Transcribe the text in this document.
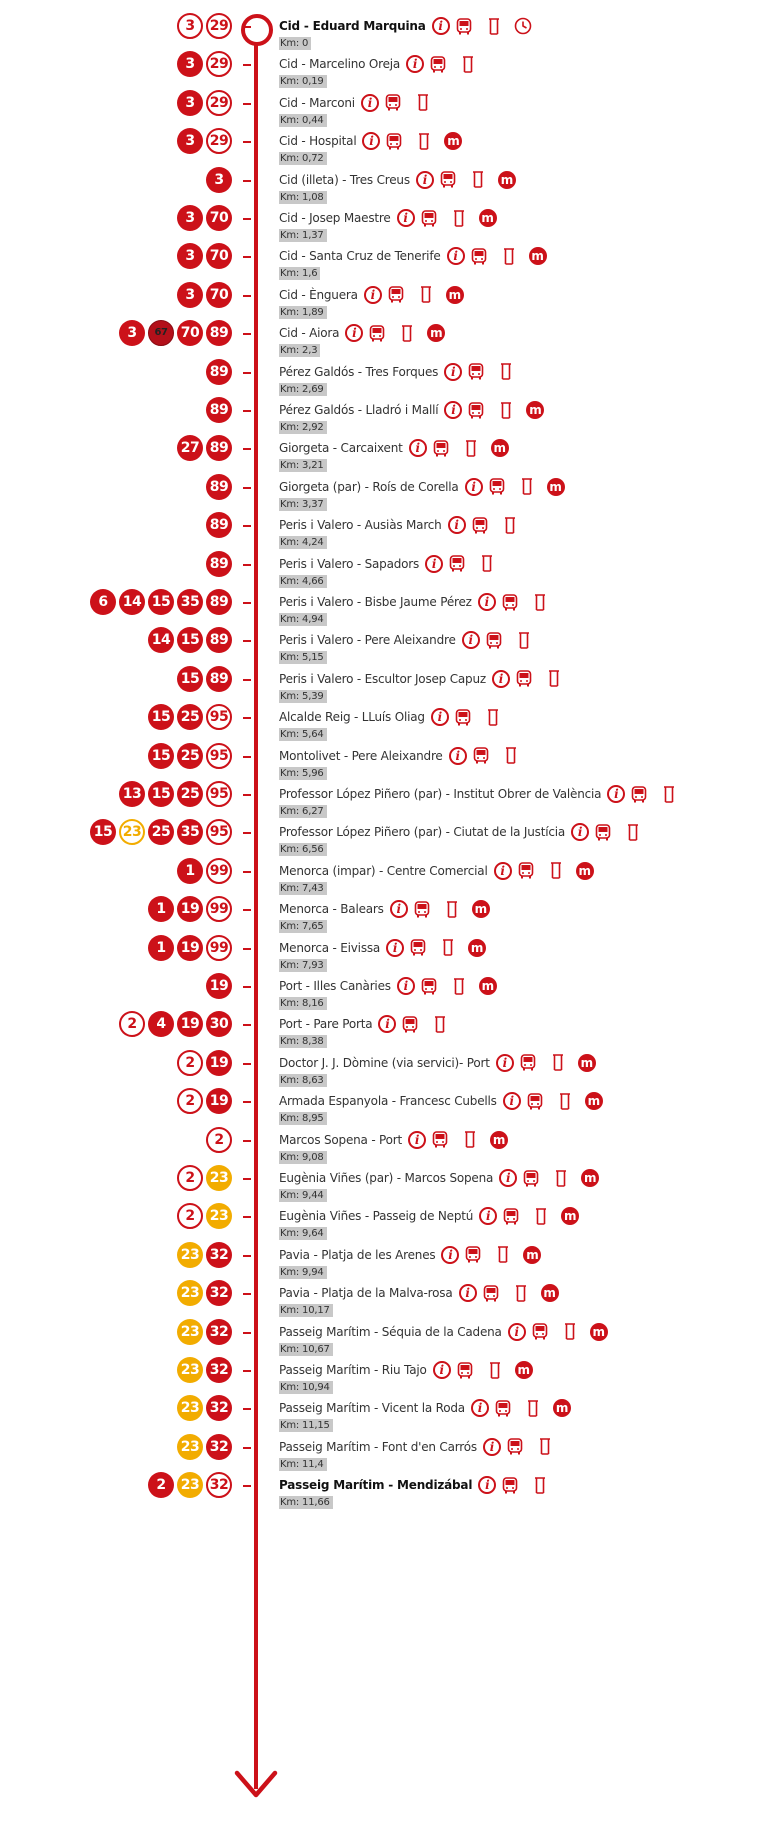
3	29	Cid - Eduard Marquina	i
Km: 0
3	29	Cid - Marcelino Oreja	i
Km: 0,19
3	29	Cid - Marconi	i
Km: 0,44
3	29	Cid - Hospital	i	m
Km: 0,72
3	Cid (illeta) - Tres Creus	i	m
Km: 1,08
3	70	Cid - Josep Maestre	i	m
Km: 1,37
3	70	Cid - Santa Cruz de Tenerife	i	m
Km: 1,6
3	70	Cid - Ènguera	i	m
Km: 1,89
3	67 70 89	Cid - Aiora	i	m
Km: 2,3
89	Pérez Galdós - Tres Forques	i
Km: 2,69
89	Pérez Galdós - Lladró i Mallí	i	m
Km: 2,92
27 89	Giorgeta - Carcaixent	i	m
Km: 3,21
89	Giorgeta (par) - Roís de Corella	i	m
Km: 3,37
89	Peris i Valero - Ausiàs March	i
Km: 4,24
89	Peris i Valero - Sapadors	i
Km: 4,66
6	14 15 35 89	Peris i Valero - Bisbe Jaume Pérez	i
Km: 4,94
14 15 89	Peris i Valero - Pere Aleixandre	i
Km: 5,15
15 89	Peris i Valero - Escultor Josep Capuz	i
Km: 5,39
15 25 95	Alcalde Reig - LLuís Oliag	i
Km: 5,64
15 25 95	Montolivet - Pere Aleixandre	i
Km: 5,96
13 15 25 95	Professor López Piñero (par) - Institut Obrer de València	i
Km: 6,27
15 23 25 35 95	Professor López Piñero (par) - Ciutat de la Justícia	i
Km: 6,56
1	99	Menorca (impar) - Centre Comercial	i	m
Km: 7,43
1	19 99	Menorca - Balears	i	m
Km: 7,65
1	19 99	Menorca - Eivissa	i	m
Km: 7,93
19	Port - Illes Canàries	i	m
Km: 8,16
2	4	19 30	Port - Pare Porta	i
Km: 8,38
2	19	Doctor J. J. Dòmine (via servici)- Port	i	m
Km: 8,63
2	19	Armada Espanyola - Francesc Cubells	i	m
Km: 8,95
2	Marcos Sopena - Port	i	m
Km: 9,08
2	23	Eugènia Viñes (par) - Marcos Sopena	i	m
Km: 9,44
2	23	Eugènia Viñes - Passeig de Neptú	i	m
Km: 9,64
23 32	Pavia - Platja de les Arenes	i	m
Km: 9,94
23 32	Pavia - Platja de la Malva-rosa	i	m
Km: 10,17
23 32	Passeig Marítim - Séquia de la Cadena	i	m
Km: 10,67
23 32	Passeig Marítim - Riu Tajo	i	m
Km: 10,94
23 32	Passeig Marítim - Vicent la Roda	i	m
Km: 11,15
23 32	Passeig Marítim - Font d'en Carrós	i
Km: 11,4
2	23 32	Passeig Marítim - Mendizábal	i
Km: 11,66
